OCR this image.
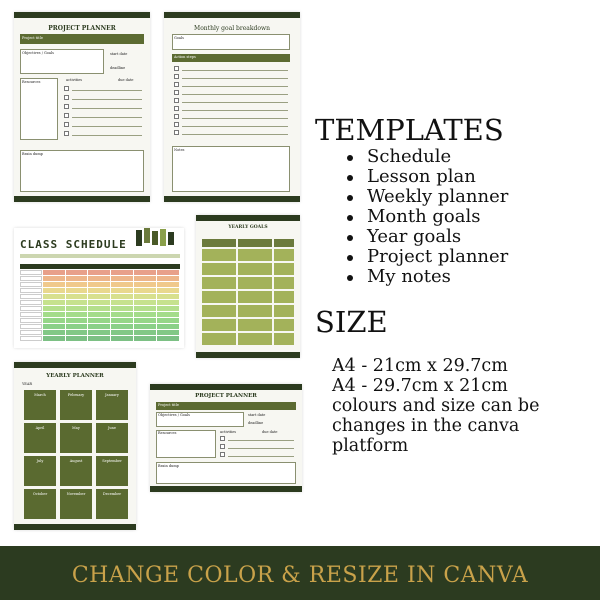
PROJECT PLANNER
Project title
Objectives / Goals	start date
deadline
Resources	activities	due date
Brain dump
Monthly goal breakdown
Goals
Action steps
Notes
CLASS SCHEDULE
YEARLY GOALS
YEARLY PLANNER
YEAR
March	February	January
April	May	June
July	August	September
October	November	December
PROJECT PLANNER
Project title
Objectives / Goals	start date
deadline
Resources	activities	due date
Brain dump
TEMPLATES
Schedule
Lesson plan
Weekly planner
Month goals
Year goals
Project planner
My notes
SIZE
A4 - 21cm x 29.7cm
A4 - 29.7cm x 21cm
colours and size can be
changes in the canva
platform
CHANGE COLOR & RESIZE IN CANVA
